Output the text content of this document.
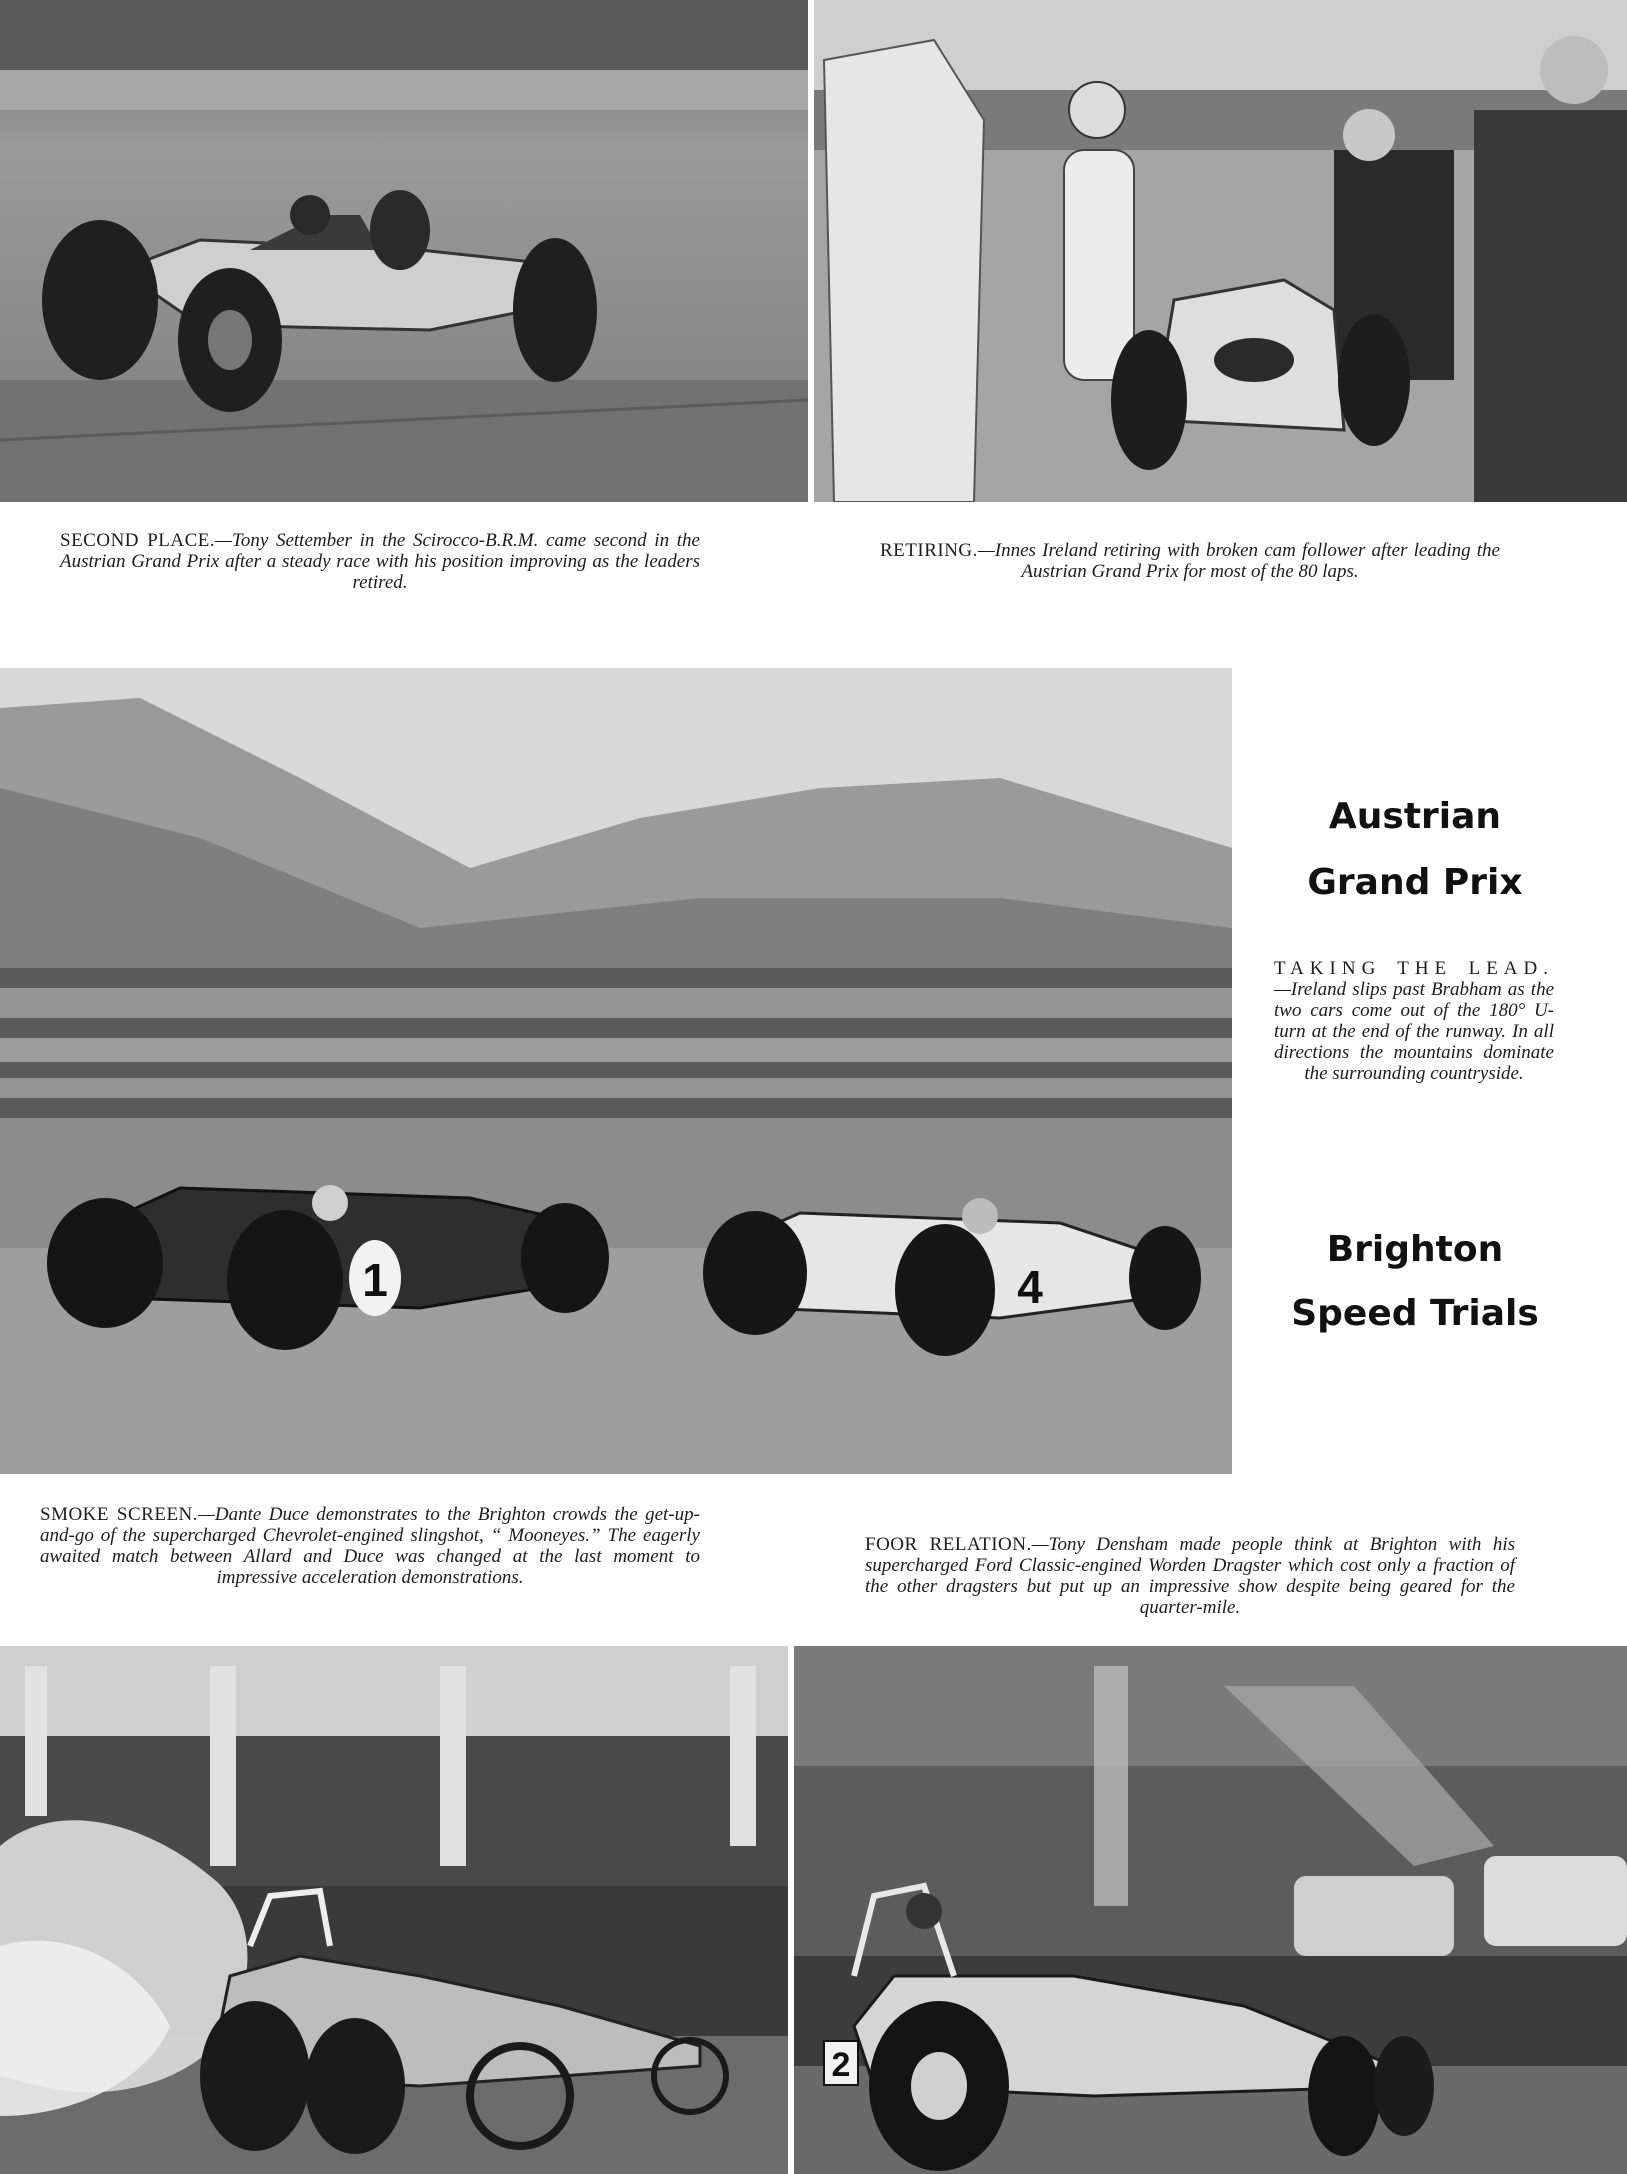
SECOND PLACE.—Tony Settember in the Scirocco-B.R.M. came second in the Austrian Grand Prix after a steady race with his position improving as the leaders retired.

RETIRING.—Innes Ireland retiring with broken cam follower after leading the Austrian Grand Prix for most of the 80 laps.

1	4
Austrian
Grand Prix

TAKING THE LEAD.—Ireland slips past Brabham as the two cars come out of the 180° U-turn at the end of the runway. In all directions the mountains dominate the surrounding countryside.

Brighton
Speed Trials

SMOKE SCREEN.—Dante Duce demonstrates to the Brighton crowds the get-up-and-go of the supercharged Chevrolet-engined slingshot, “ Mooneyes.” The eagerly awaited match between Allard and Duce was changed at the last moment to impressive acceleration demonstrations.

FOOR RELATION.—Tony Densham made people think at Brighton with his supercharged Ford Classic-engined Worden Dragster which cost only a fraction of the other dragsters but put up an impressive show despite being geared for the quarter-mile.

2
